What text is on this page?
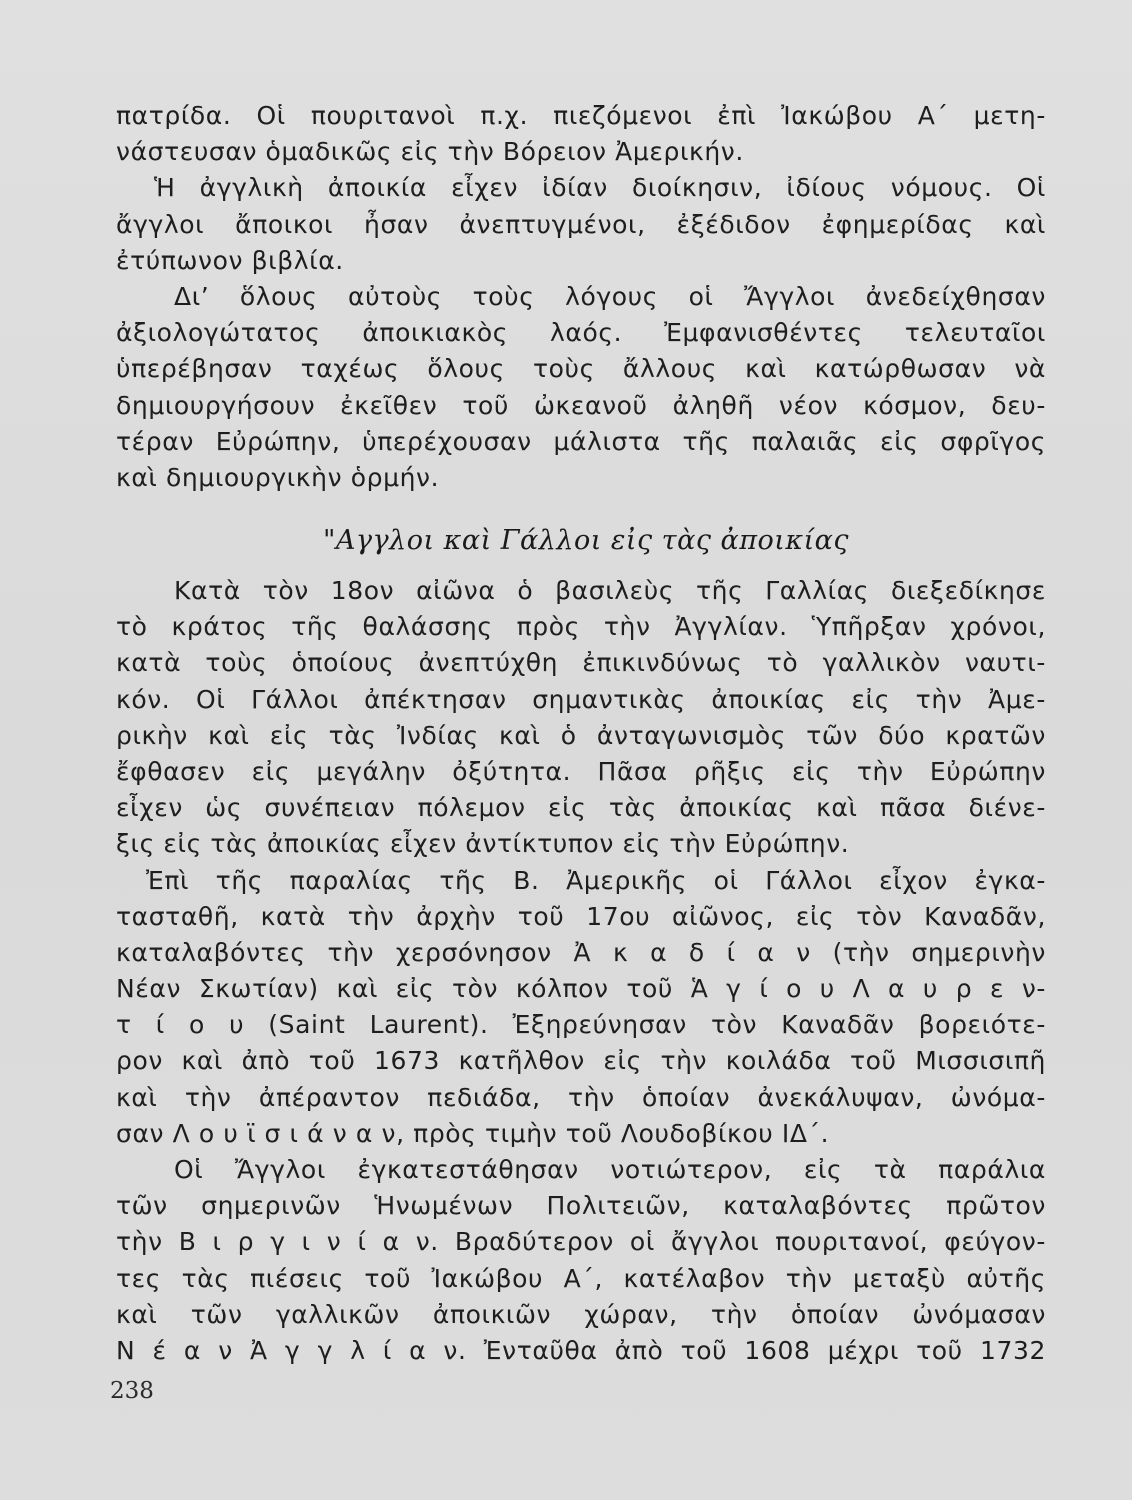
πατρίδα. Οἱ πουριτανοὶ π.χ. πιεζόμενοι ἐπὶ Ἰακώβου Α΄ μετη-
νάστευσαν ὁμαδικῶς εἰς τὴν Βόρειον Ἀμερικήν.
Ἡ ἀγγλικὴ ἀποικία εἶχεν ἰδίαν διοίκησιν, ἰδίους νόμους. Οἱ
ἄγγλοι ἄποικοι ἦσαν ἀνεπτυγμένοι, ἐξέδιδον ἐφημερίδας καὶ
ἐτύπωνον βιβλία.
Δι’ ὅλους αὐτοὺς τοὺς λόγους οἱ Ἄγγλοι ἀνεδείχθησαν
ἀξιολογώτατος ἀποικιακὸς λαός. Ἐμφανισθέντες τελευταῖοι
ὑπερέβησαν ταχέως ὅλους τοὺς ἄλλους καὶ κατώρθωσαν νὰ
δημιουργήσουν ἐκεῖθεν τοῦ ὠκεανοῦ ἀληθῆ νέον κόσμον, δευ-
τέραν Εὐρώπην, ὑπερέχουσαν μάλιστα τῆς παλαιᾶς εἰς σφρῖγος
καὶ δημιουργικὴν ὁρμήν.
"Αγγλοι καὶ Γάλλοι εἰς τὰς ἀποικίας
Κατὰ τὸν 18ον αἰῶνα ὁ βασιλεὺς τῆς Γαλλίας διεξεδίκησε
τὸ κράτος τῆς θαλάσσης πρὸς τὴν Ἀγγλίαν. Ὑπῆρξαν χρόνοι,
κατὰ τοὺς ὁποίους ἀνεπτύχθη ἐπικινδύνως τὸ γαλλικὸν ναυτι-
κόν. Οἱ Γάλλοι ἀπέκτησαν σημαντικὰς ἀποικίας εἰς τὴν Ἀμε-
ρικὴν καὶ εἰς τὰς Ἰνδίας καὶ ὁ ἀνταγωνισμὸς τῶν δύο κρατῶν
ἔφθασεν εἰς μεγάλην ὀξύτητα. Πᾶσα ρῆξις εἰς τὴν Εὐρώπην
εἶχεν ὡς συνέπειαν πόλεμον εἰς τὰς ἀποικίας καὶ πᾶσα διένε-
ξις εἰς τὰς ἀποικίας εἶχεν ἀντίκτυπον εἰς τὴν Εὐρώπην.
Ἐπὶ τῆς παραλίας τῆς Β. Ἀμερικῆς οἱ Γάλλοι εἶχον ἐγκα-
τασταθῆ, κατὰ τὴν ἀρχὴν τοῦ 17ου αἰῶνος, εἰς τὸν Καναδᾶν,
καταλαβόντες τὴν χερσόνησον Ἀ κ α δ ί α ν (τὴν σημερινὴν
Νέαν Σκωτίαν) καὶ εἰς τὸν κόλπον τοῦ Ἁ γ ί ο υ Λ α υ ρ ε ν-
τ ί ο υ (Saint Laurent). Ἐξηρεύνησαν τὸν Καναδᾶν βορειότε-
ρον καὶ ἀπὸ τοῦ 1673 κατῆλθον εἰς τὴν κοιλάδα τοῦ Μισσισιπῆ
καὶ τὴν ἀπέραντον πεδιάδα, τὴν ὁποίαν ἀνεκάλυψαν, ὠνόμα-
σαν Λ ο υ ϊ σ ι ά ν α ν, πρὸς τιμὴν τοῦ Λουδοβίκου ΙΔ΄.
Οἱ Ἄγγλοι ἐγκατεστάθησαν νοτιώτερον, εἰς τὰ παράλια
τῶν σημερινῶν Ἡνωμένων Πολιτειῶν, καταλαβόντες πρῶτον
τὴν Β ι ρ γ ι ν ί α ν. Βραδύτερον οἱ ἄγγλοι πουριτανοί, φεύγον-
τες τὰς πιέσεις τοῦ Ἰακώβου Α΄, κατέλαβον τὴν μεταξὺ αὐτῆς
καὶ τῶν γαλλικῶν ἀποικιῶν χώραν, τὴν ὁποίαν ὠνόμασαν
Ν έ α ν Ἀ γ γ λ ί α ν. Ἐνταῦθα ἀπὸ τοῦ 1608 μέχρι τοῦ 1732
238
